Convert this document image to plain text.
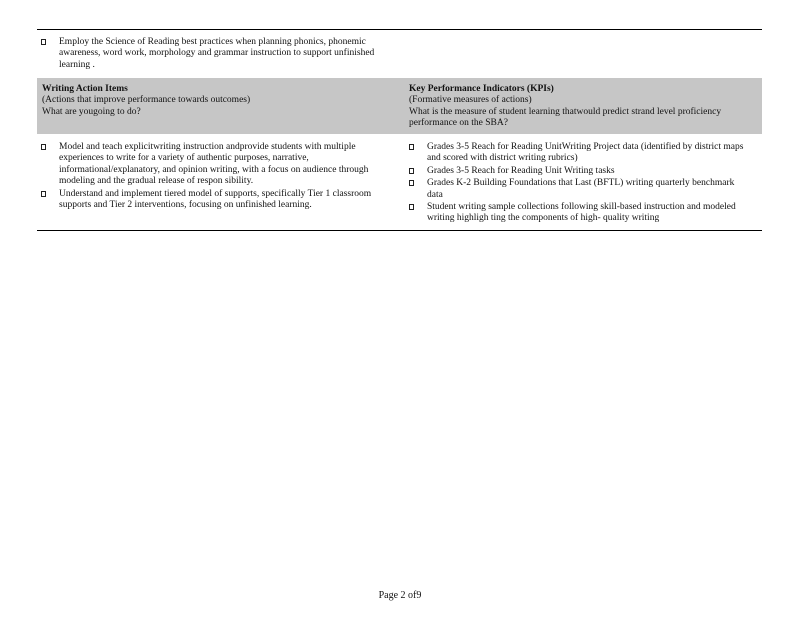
Employ the Science of Reading best practices when planning phonics, phonemic awareness, word work, morphology and grammar instruction to support unfinished learning .
Writing Action Items
(Actions that improve performance towards outcomes)
What are yougoing to do?
Key Performance Indicators (KPIs)
(Formative measures of actions)
What is the measure of student learning thatwould predict strand level proficiency performance on the SBA?
Model and teach explicitwriting instruction andprovide students with multiple experiences to write for a variety of authentic purposes, narrative, informational/explanatory, and opinion writing, with a focus on audience through modeling and the gradual release of respon sibility.
Understand and implement tiered model of supports, specifically Tier 1 classroom supports and Tier 2 interventions, focusing on unfinished learning.
Grades 3-5 Reach for Reading UnitWriting Project data (identified by district maps and scored with district writing rubrics)
Grades 3-5 Reach for Reading Unit Writing tasks
Grades K-2 Building Foundations that Last (BFTL) writing quarterly benchmark data
Student writing sample collections following skill-based instruction and modeled writing highligh ting the components of high- quality writing
Page 2 of9
